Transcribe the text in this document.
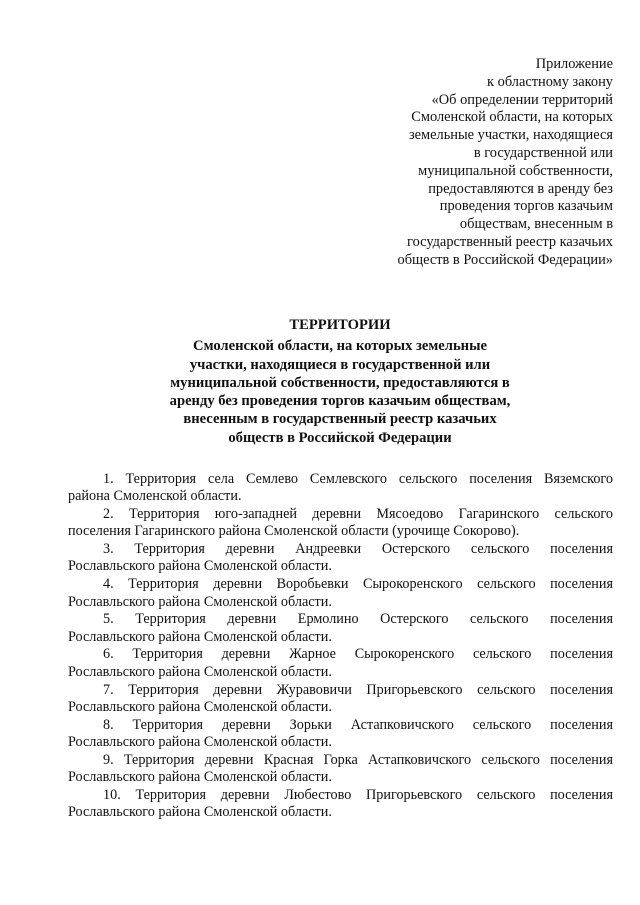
Приложение
к областному закону
«Об определении территорий
Смоленской области, на которых
земельные участки, находящиеся
в государственной или
муниципальной собственности,
предоставляются в аренду без
проведения торгов казачьим
обществам, внесенным в
государственный реестр казачьих
обществ в Российской Федерации»
ТЕРРИТОРИИ
Смоленской области, на которых земельные
участки, находящиеся в государственной или
муниципальной собственности, предоставляются в
аренду без проведения торгов казачьим обществам,
внесенным в государственный реестр казачьих
обществ в Российской Федерации
1. Территория села Семлево Семлевского сельского поселения Вяземского
района Смоленской области.
2. Территория юго-западней деревни Мясоедово Гагаринского сельского
поселения Гагаринского района Смоленской области (урочище Сокорово).
3. Территория деревни Андреевки Остерского сельского поселения
Рославльского района Смоленской области.
4. Территория деревни Воробьевки Сырокоренского сельского поселения
Рославльского района Смоленской области.
5. Территория деревни Ермолино Остерского сельского поселения
Рославльского района Смоленской области.
6. Территория деревни Жарное Сырокоренского сельского поселения
Рославльского района Смоленской области.
7. Территория деревни Журавовичи Пригорьевского сельского поселения
Рославльского района Смоленской области.
8. Территория деревни Зорьки Астапковичского сельского поселения
Рославльского района Смоленской области.
9. Территория деревни Красная Горка Астапковичского сельского поселения
Рославльского района Смоленской области.
10. Территория деревни Любестово Пригорьевского сельского поселения
Рославльского района Смоленской области.
